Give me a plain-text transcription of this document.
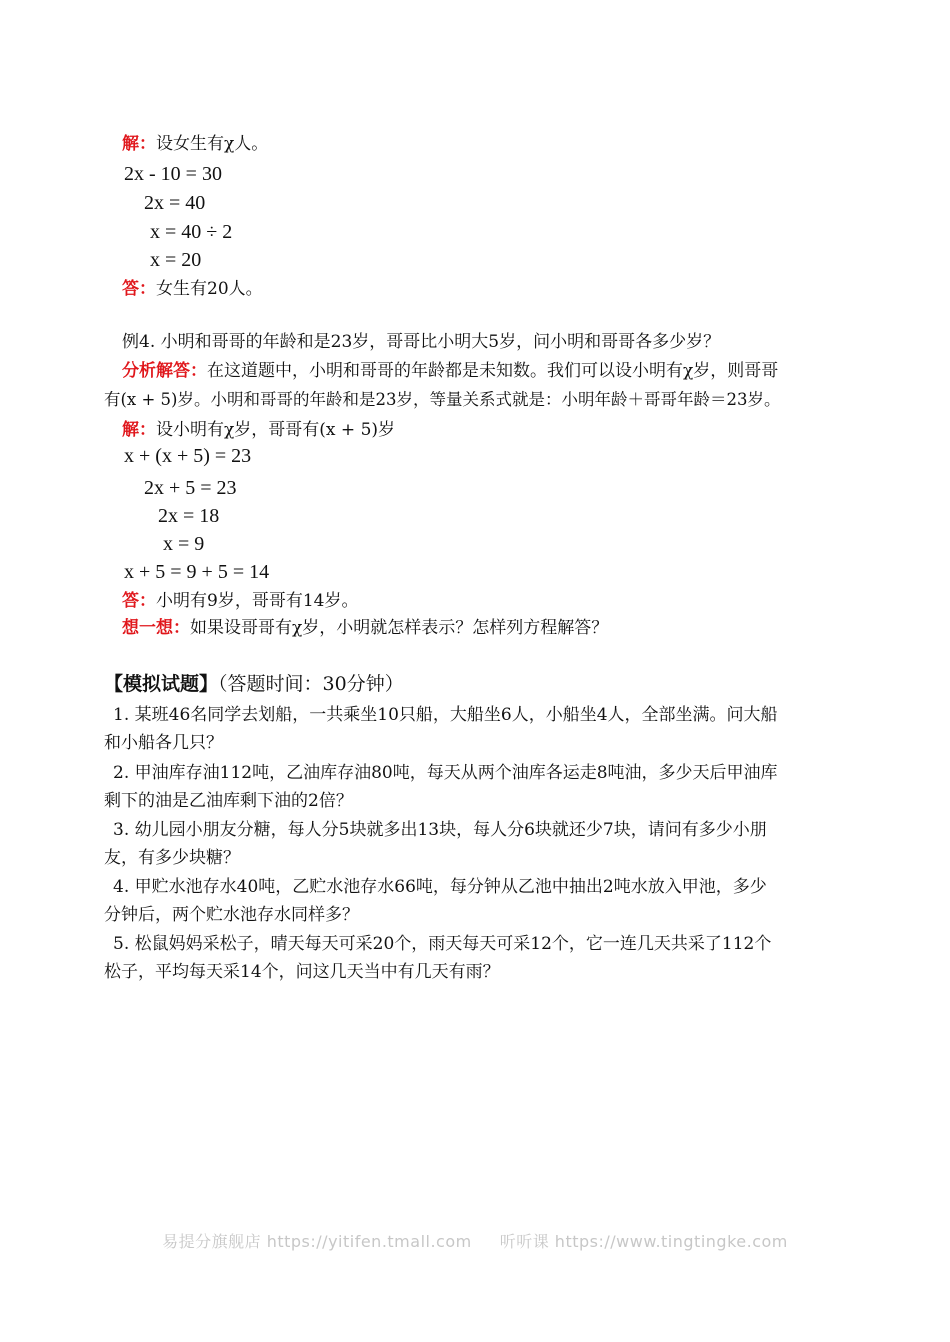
解：设女生有χ人。
2x - 10 = 30
2x = 40
x = 40 ÷ 2
x = 20
答：女生有20人。
例4. 小明和哥哥的年龄和是23岁，哥哥比小明大5岁，问小明和哥哥各多少岁？
分析解答：在这道题中，小明和哥哥的年龄都是未知数。我们可以设小明有χ岁，则哥哥
有(x + 5)岁。小明和哥哥的年龄和是23岁，等量关系式就是：小明年龄＋哥哥年龄＝23岁。
解：设小明有χ岁，哥哥有(x + 5)岁
x + (x + 5) = 23
2x + 5 = 23
2x = 18
x = 9
x + 5 = 9 + 5 = 14
答：小明有9岁，哥哥有14岁。
想一想：如果设哥哥有χ岁，小明就怎样表示？怎样列方程解答？
【模拟试题】（答题时间：30分钟）
1. 某班46名同学去划船，一共乘坐10只船，大船坐6人，小船坐4人，全部坐满。问大船
和小船各几只？
2. 甲油库存油112吨，乙油库存油80吨，每天从两个油库各运走8吨油，多少天后甲油库
剩下的油是乙油库剩下油的2倍？
3. 幼儿园小朋友分糖，每人分5块就多出13块，每人分6块就还少7块，请问有多少小朋
友，有多少块糖？
4. 甲贮水池存水40吨，乙贮水池存水66吨，每分钟从乙池中抽出2吨水放入甲池，多少
分钟后，两个贮水池存水同样多？
5. 松鼠妈妈采松子，晴天每天可采20个，雨天每天可采12个，它一连几天共采了112个
松子，平均每天采14个，问这几天当中有几天有雨？
易提分旗舰店 https://yitifen.tmall.com 听听课 https://www.tingtingke.com
